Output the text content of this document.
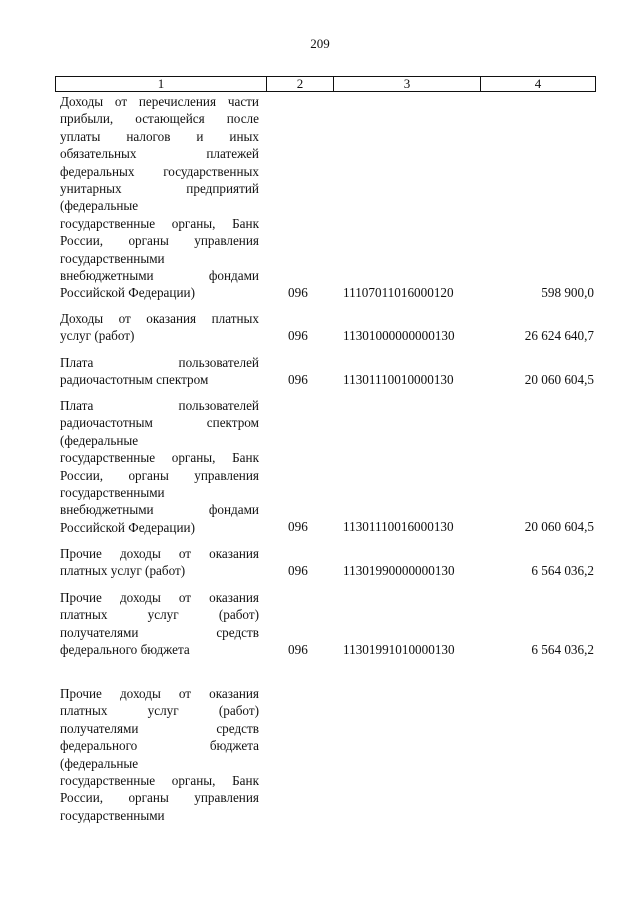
209
1	2	3	4
Доходы от перечисления части
прибыли, остающейся после
уплаты налогов и иных
обязательных платежей
федеральных государственных
унитарных предприятий
(федеральные
государственные органы, Банк
России, органы управления
государственными
внебюджетными фондами
Российской Федерации)	096	11107011016000120	598 900,0
Доходы от оказания платных
услуг (работ)	096	11301000000000130	26 624 640,7
Плата пользователей
радиочастотным спектром	096	11301110010000130	20 060 604,5
Плата пользователей
радиочастотным спектром
(федеральные
государственные органы, Банк
России, органы управления
государственными
внебюджетными фондами
Российской Федерации)	096	11301110016000130	20 060 604,5
Прочие доходы от оказания
платных услуг (работ)	096	11301990000000130	6 564 036,2
Прочие доходы от оказания
платных услуг (работ)
получателями средств
федерального бюджета	096	11301991010000130	6 564 036,2
Прочие доходы от оказания
платных услуг (работ)
получателями средств
федерального бюджета
(федеральные
государственные органы, Банк
России, органы управления
государственными
